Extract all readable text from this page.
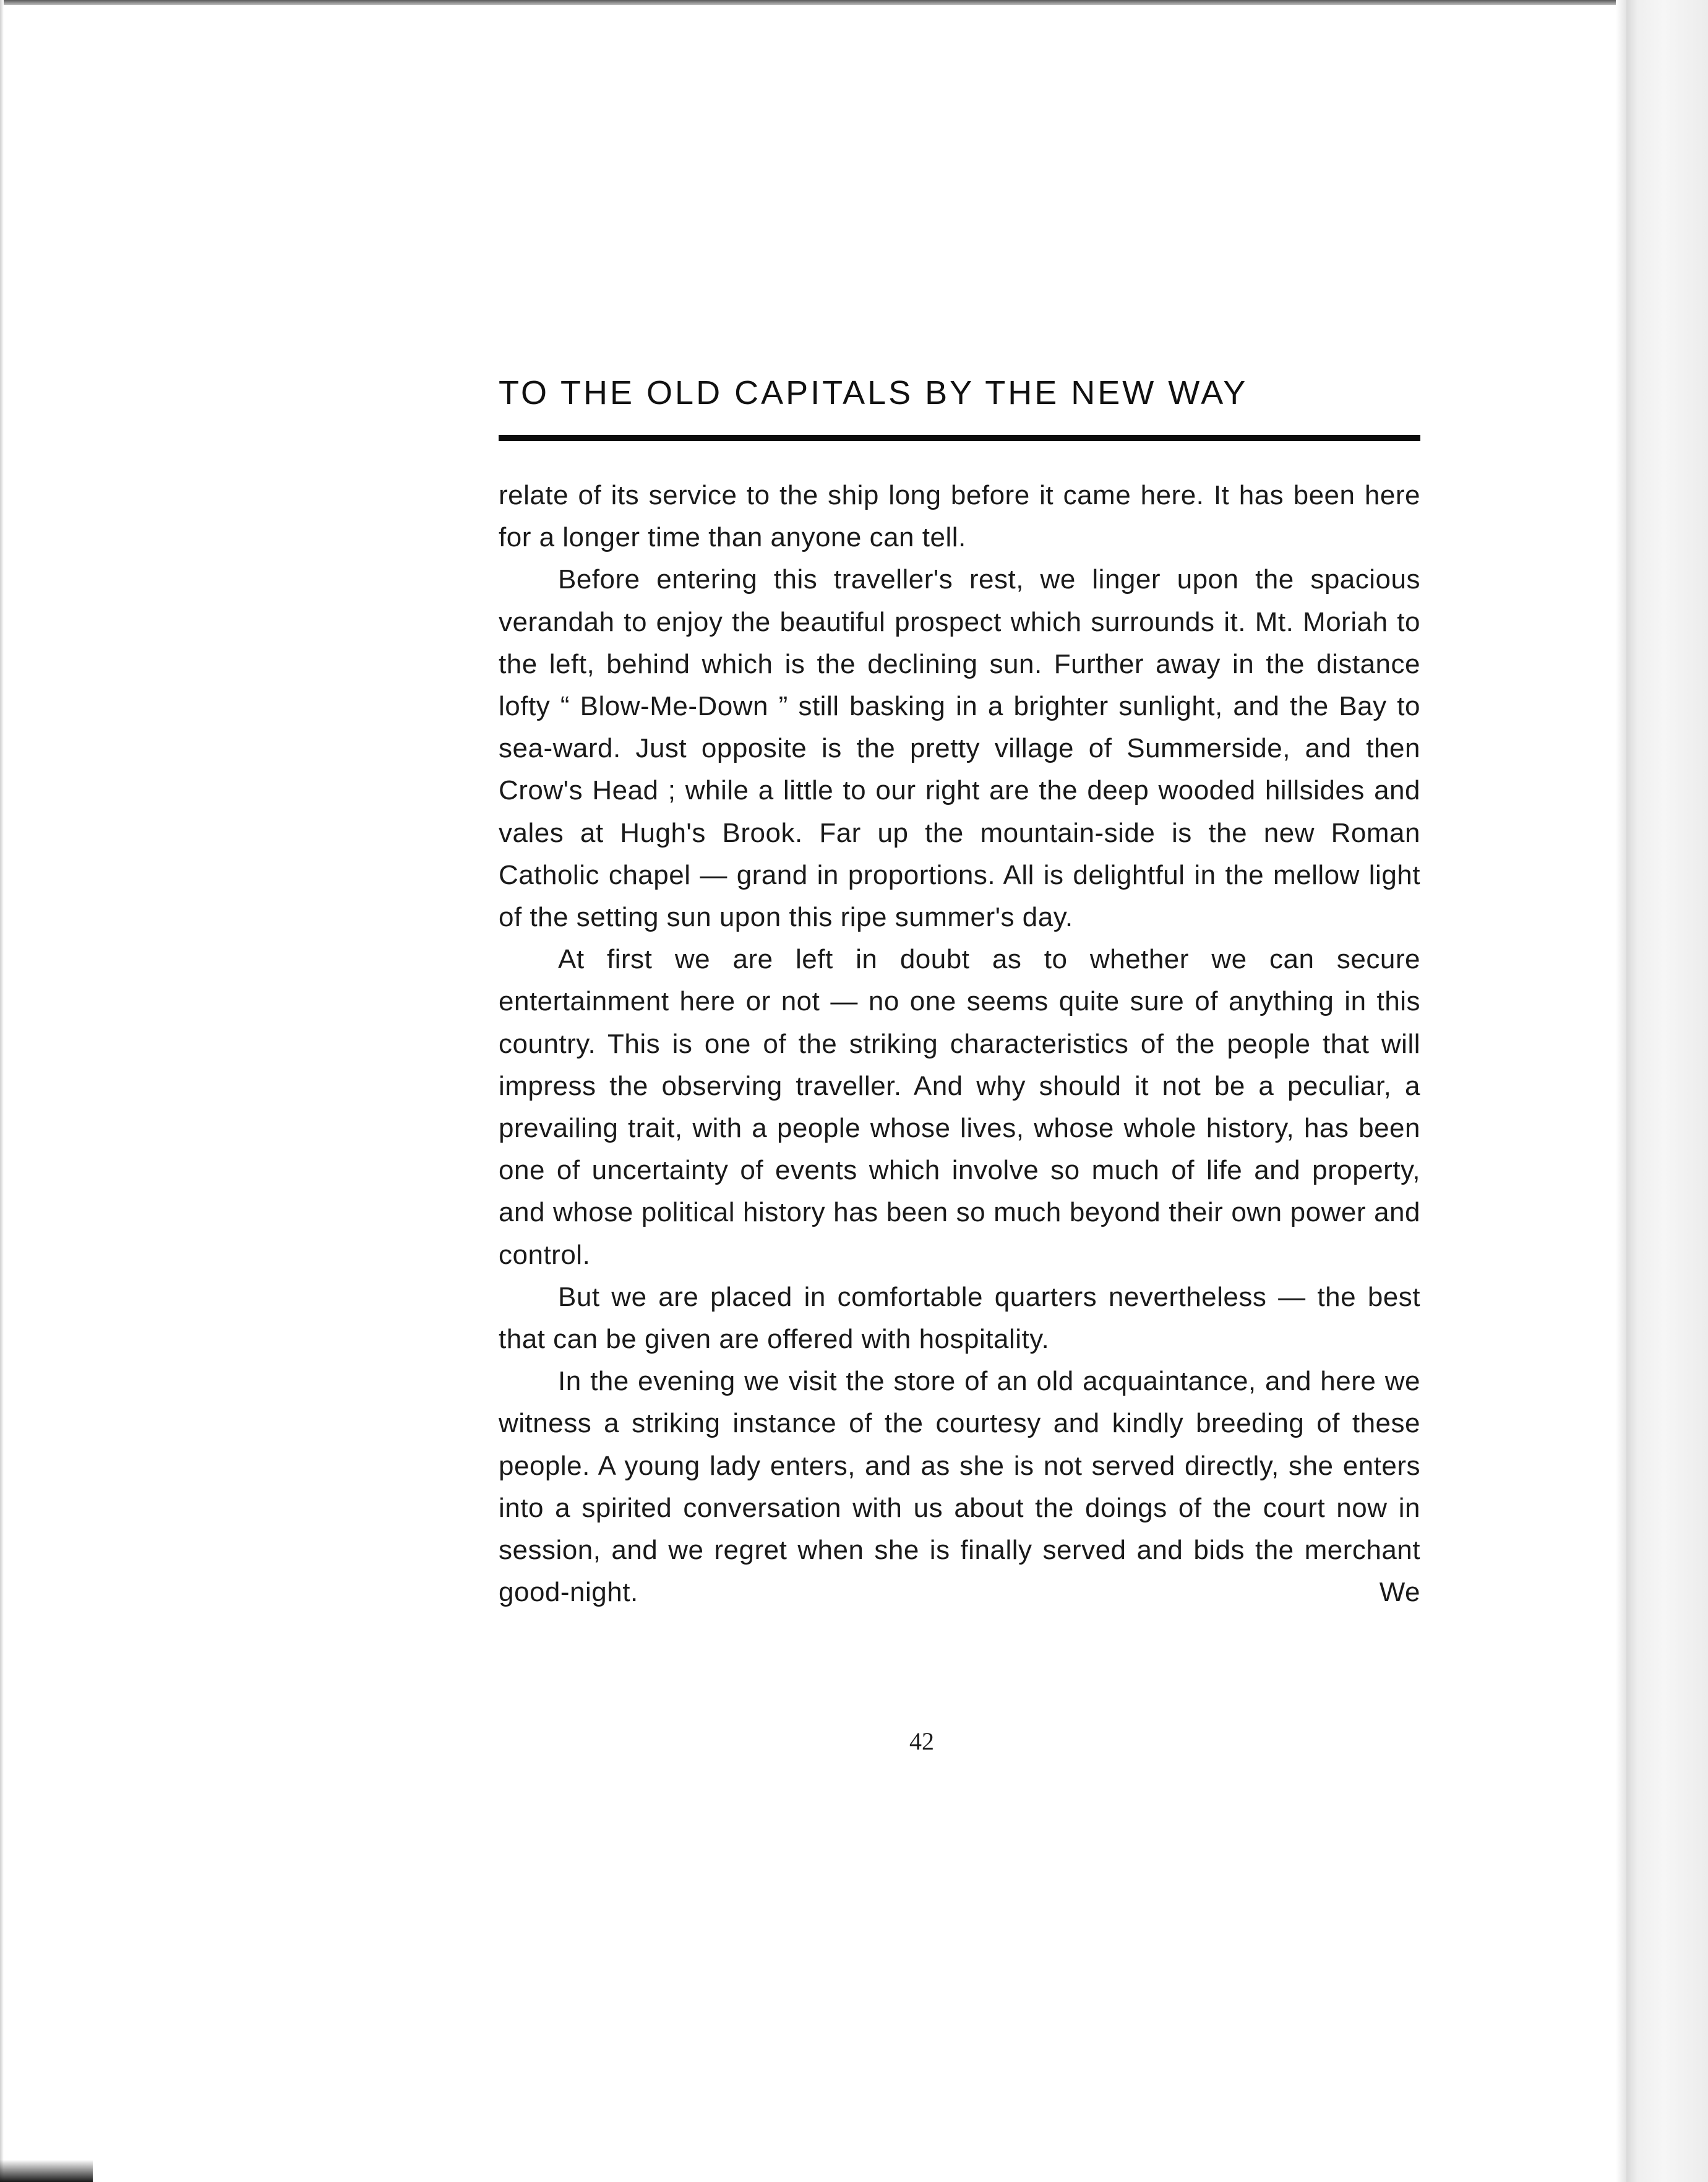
TO THE OLD CAPITALS BY THE NEW WAY

relate of its service to the ship long before it came here. It has been here for a longer time than anyone can tell.

Before entering this traveller's rest, we linger upon the spacious verandah to enjoy the beautiful prospect which surrounds it. Mt. Moriah to the left, behind which is the declining sun. Further away in the distance lofty “ Blow-Me-Down ” still basking in a brighter sunlight, and the Bay to sea-ward. Just opposite is the pretty village of Summerside, and then Crow's Head ; while a little to our right are the deep wooded hillsides and vales at Hugh's Brook. Far up the mountain-side is the new Roman Catholic chapel — grand in proportions. All is delightful in the mellow light of the setting sun upon this ripe summer's day.

At first we are left in doubt as to whether we can secure entertainment here or not — no one seems quite sure of anything in this country. This is one of the striking characteristics of the people that will impress the observing traveller. And why should it not be a peculiar, a prevailing trait, with a people whose lives, whose whole history, has been one of uncertainty of events which involve so much of life and property, and whose political history has been so much beyond their own power and control.

But we are placed in comfortable quarters nevertheless — the best that can be given are offered with hospitality.

In the evening we visit the store of an old acquaintance, and here we witness a striking instance of the courtesy and kindly breeding of these people. A young lady enters, and as she is not served directly, she enters into a spirited conversation with us about the doings of the court now in session, and we regret when she is finally served and bids the merchant good-night. We

42
